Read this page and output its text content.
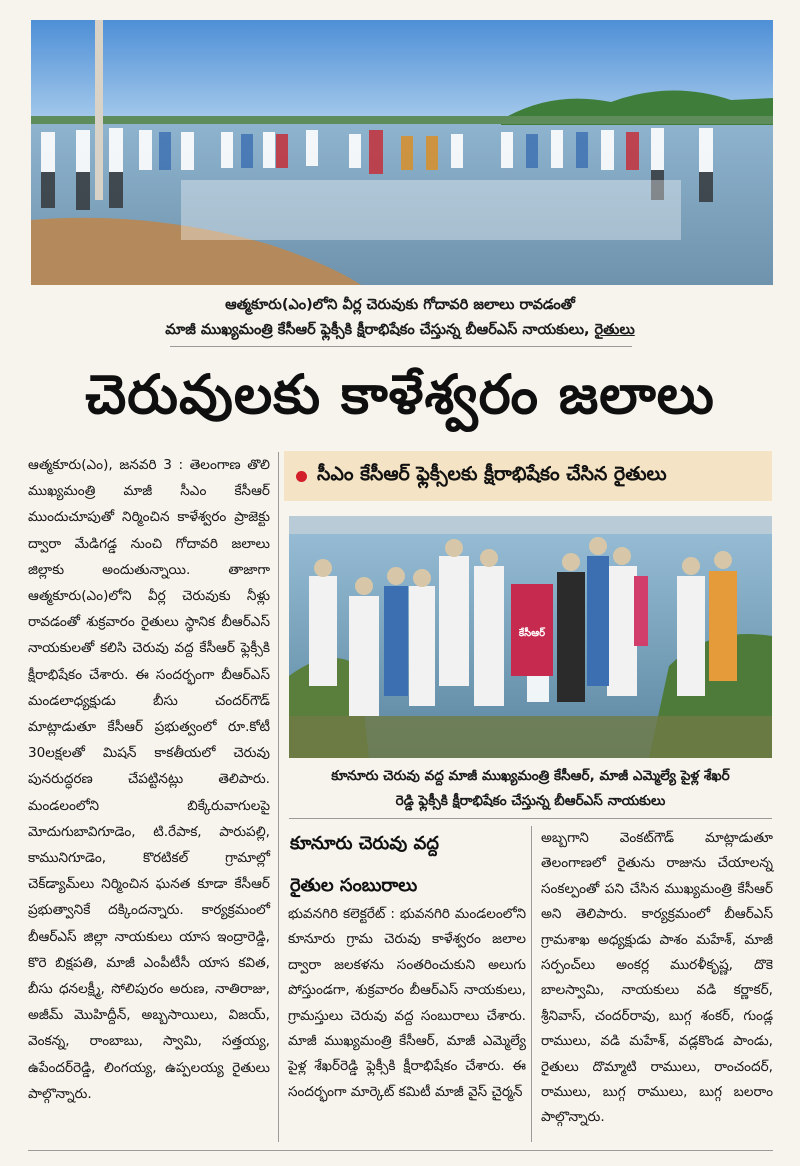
ఆత్మకూరు(ఎం)లోని వీర్ల చెరువుకు గోదావరి జలాలు రావడంతో
మాజీ ముఖ్యమంత్రి కేసీఆర్ ఫ్లెక్సీకి క్షీరాభిషేకం చేస్తున్న బీఆర్ఎస్ నాయకులు, రైతులు
చెరువులకు కాళేశ్వరం జలాలు

ఆత్మకూరు(ఎం), జనవరి 3 : తెలంగాణ తొలి ముఖ్యమంత్రి మాజీ సీఎం కేసీఆర్ ముందుచూపుతో నిర్మించిన కాళేశ్వరం ప్రాజెక్టు ద్వారా మేడిగడ్డ నుంచి గోదావరి జలాలు జిల్లాకు అందుతున్నాయి. తాజాగా ఆత్మకూరు(ఎం)లోని వీర్ల చెరువుకు నీళ్లు రావడంతో శుక్రవారం రైతులు స్థానిక బీఆర్ఎస్ నాయకులతో కలిసి చెరువు వద్ద కేసీఆర్ ఫ్లెక్సీకి క్షీరాభిషేకం చేశారు. ఈ సందర్భంగా బీఆర్ఎస్ మండలాధ్యక్షుడు బీసు చందర్‌గౌడ్ మాట్లాడుతూ కేసీఆర్ ప్రభుత్వంలో రూ.కోటీ 30లక్షలతో మిషన్ కాకతీయలో చెరువు పునరుద్ధరణ చేపట్టినట్లు తెలిపారు. మండలంలోని బిక్కేరువాగులపై మోదుగుబావిగూడెం, టి.రేపాక, పారుపల్లి, కామునిగూడెం, కొరటికల్ గ్రామాల్లో చెక్‌డ్యామ్‌లు నిర్మించిన ఘనత కూడా కేసీఆర్ ప్రభుత్వానికే దక్కిందన్నారు. కార్యక్రమంలో బీఆర్ఎస్ జిల్లా నాయకులు యాస ఇంద్రారెడ్డి, కొరె బిక్షపతి, మాజీ ఎంపీటీసీ యాస కవిత, బీసు ధనలక్ష్మీ, సోలిపురం అరుణ, నాతిరాజు, అజీమ్ మొహిద్దీన్, అబ్బసాయిలు, విజయ్, వెంకన్న, రాంబాబు, స్వామి, సత్తయ్య, ఉపేందర్‌రెడ్డి, లింగయ్య, ఉప్పలయ్య రైతులు పాల్గొన్నారు.

సీఎం కేసీఆర్ ఫ్లెక్సీలకు క్షీరాభిషేకం చేసిన రైతులు
కేసీఆర్
కూనూరు చెరువు వద్ద మాజీ ముఖ్యమంత్రి కేసీఆర్, మాజీ ఎమ్మెల్యే పైళ్ల శేఖర్
రెడ్డి ఫ్లెక్సీకి క్షీరాభిషేకం చేస్తున్న బీఆర్ఎస్ నాయకులు
కూనూరు చెరువు వద్ద
రైతుల సంబురాలు

భువనగిరి కలెక్టరేట్ : భువనగిరి మండలంలోని కూనూరు గ్రామ చెరువు కాళేశ్వరం జలాల ద్వారా జలకళను సంతరించుకుని అలుగు పోస్తుండగా, శుక్రవారం బీఆర్ఎస్ నాయకులు, గ్రామస్తులు చెరువు వద్ద సంబురాలు చేశారు. మాజీ ముఖ్యమంత్రి కేసీఆర్, మాజీ ఎమ్మెల్యే పైళ్ల శేఖర్‌రెడ్డి ఫ్లెక్సీకి క్షీరాభిషేకం చేశారు. ఈ సందర్భంగా మార్కెట్ కమిటీ మాజీ వైస్ చైర్మన్

అబ్బగాని వెంకట్‌గౌడ్ మాట్లాడుతూ తెలంగాణలో రైతును రాజును చేయాలన్న సంకల్పంతో పని చేసిన ముఖ్యమంత్రి కేసీఆర్ అని తెలిపారు. కార్యక్రమంలో బీఆర్ఎస్ గ్రామశాఖ అధ్యక్షుడు పాశం మహేశ్, మాజీ సర్పంచ్‌లు అంకర్ల మురళీకృష్ణ, దొకె బాలస్వామి, నాయకులు వడి కర్ణాకర్, శ్రీనివాస్, చందర్‌రావు, బుగ్గ శంకర్, గుండ్ల రాములు, వడి మహేశ్, వడ్లకొండ పాండు, రైతులు దొమ్మాటి రాములు, రాంచందర్, రాములు, బుగ్గ రాములు, బుగ్గ బలరాం పాల్గొన్నారు.
